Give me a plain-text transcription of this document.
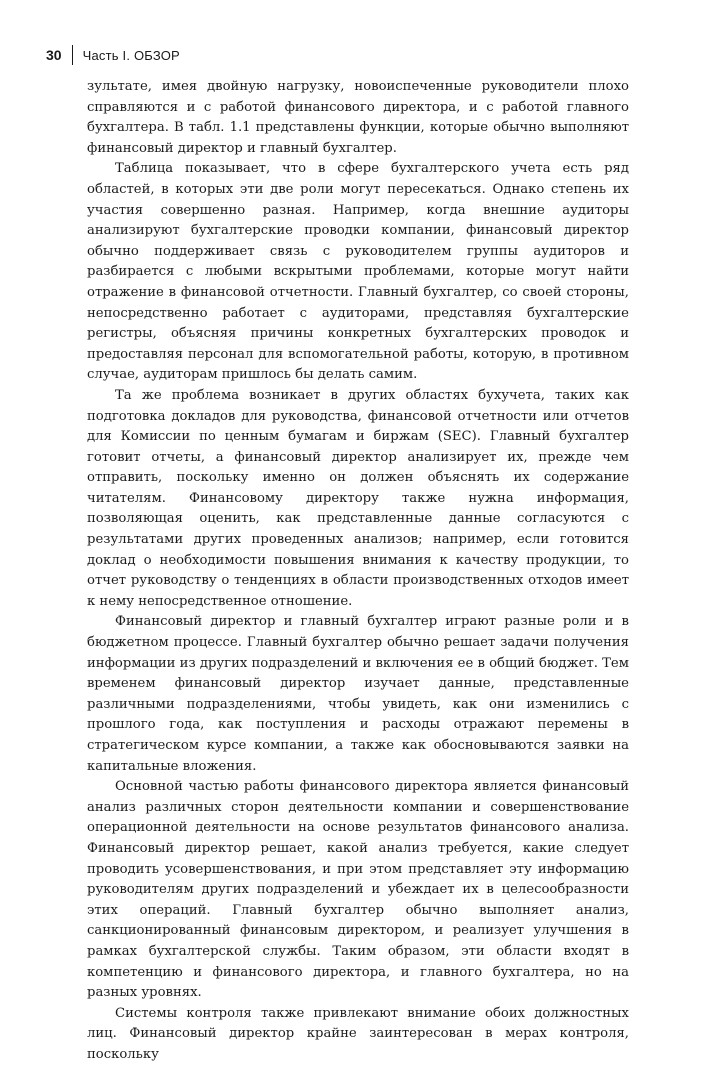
30 Часть I. ОБЗОР

зультате, имея двойную нагрузку, новоиспеченные руководители плохо справляются и с работой финансового директора, и с работой главного бухгалтера. В табл. 1.1 представлены функции, которые обычно выполняют финансовый директор и главный бухгалтер.

Таблица показывает, что в сфере бухгалтерского учета есть ряд областей, в которых эти две роли могут пересекаться. Однако степень их участия совершенно разная. Например, когда внешние аудиторы анализируют бухгалтерские проводки компании, финансовый директор обычно поддерживает связь с руководителем группы аудиторов и разбирается с любыми вскрытыми проблемами, которые могут найти отражение в финансовой отчетности. Главный бухгалтер, со своей стороны, непосредственно работает с аудиторами, представляя бухгалтерские регистры, объясняя причины конкретных бухгалтерских проводок и предоставляя персонал для вспомогательной работы, которую, в противном случае, аудиторам пришлось бы делать самим.

Та же проблема возникает в других областях бухучета, таких как подготовка докладов для руководства, финансовой отчетности или отчетов для Комиссии по ценным бумагам и биржам (SEC). Главный бухгалтер готовит отчеты, а финансовый директор анализирует их, прежде чем отправить, поскольку именно он должен объяснять их содержание читателям. Финансовому директору также нужна информация, позволяющая оценить, как представленные данные согласуются с результатами других проведенных анализов; например, если готовится доклад о необходимости повышения внимания к качеству продукции, то отчет руководству о тенденциях в области производственных отходов имеет к нему непосредственное отношение.

Финансовый директор и главный бухгалтер играют разные роли и в бюджетном процессе. Главный бухгалтер обычно решает задачи получения информации из других подразделений и включения ее в общий бюджет. Тем временем финансовый директор изучает данные, представленные различными подразделениями, чтобы увидеть, как они изменились с прошлого года, как поступления и расходы отражают перемены в стратегическом курсе компании, а также как обосновываются заявки на капитальные вложения.

Основной частью работы финансового директора является финансовый анализ различных сторон деятельности компании и совершенствование операционной деятельности на основе результатов финансового анализа. Финансовый директор решает, какой анализ требуется, какие следует проводить усовершенствования, и при этом представляет эту информацию руководителям других подразделений и убеждает их в целесообразности этих операций. Главный бухгалтер обычно выполняет анализ, санкционированный финансовым директором, и реализует улучшения в рамках бухгалтерской службы. Таким образом, эти области входят в компетенцию и финансового директора, и главного бухгалтера, но на разных уровнях.

Системы контроля также привлекают внимание обоих должностных лиц. Финансовый директор крайне заинтересован в мерах контроля, поскольку
